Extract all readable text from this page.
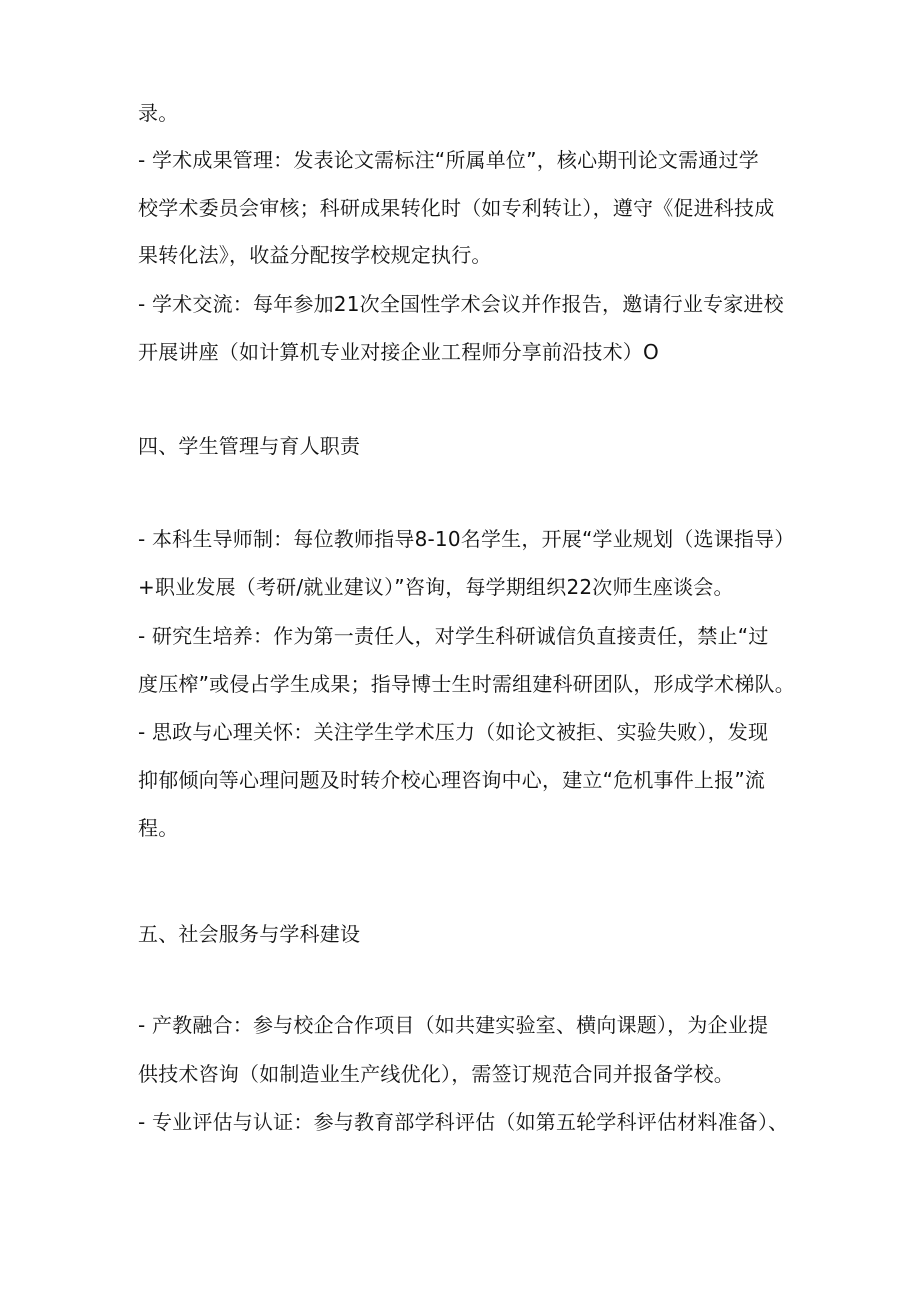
录。
- 学术成果管理：发表论文需标注“所属单位”，核心期刊论文需通过学
校学术委员会审核；科研成果转化时（如专利转让），遵守《促进科技成
果转化法》，收益分配按学校规定执行。
- 学术交流：每年参加21次全国性学术会议并作报告，邀请行业专家进校
开展讲座（如计算机专业对接企业工程师分享前沿技术）O
四、学生管理与育人职责
- 本科生导师制：每位教师指导8-10名学生，开展“学业规划（选课指导）
+职业发展（考研/就业建议）”咨询，每学期组织22次师生座谈会。
- 研究生培养：作为第一责任人，对学生科研诚信负直接责任，禁止“过
度压榨”或侵占学生成果；指导博士生时需组建科研团队，形成学术梯队。
- 思政与心理关怀：关注学生学术压力（如论文被拒、实验失败），发现
抑郁倾向等心理问题及时转介校心理咨询中心，建立“危机事件上报”流
程。
五、社会服务与学科建设
- 产教融合：参与校企合作项目（如共建实验室、横向课题），为企业提
供技术咨询（如制造业生产线优化），需签订规范合同并报备学校。
- 专业评估与认证：参与教育部学科评估（如第五轮学科评估材料准备）、
